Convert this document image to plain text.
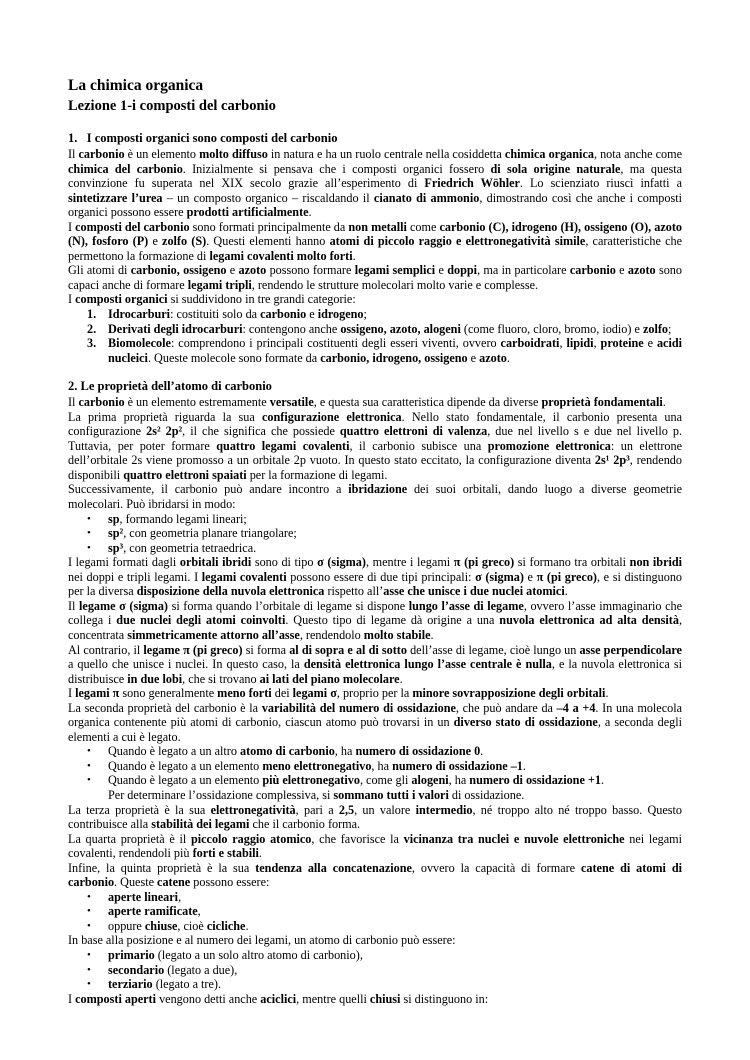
La chimica organica
Lezione 1-i composti del carbonio
1.   I composti organici sono composti del carbonio
Il carbonio è un elemento molto diffuso in natura e ha un ruolo centrale nella cosiddetta chimica organica, nota anche come chimica del carbonio. Inizialmente si pensava che i composti organici fossero di sola origine naturale, ma questa convinzione fu superata nel XIX secolo grazie all’esperimento di Friedrich Wöhler. Lo scienziato riuscì infatti a sintetizzare l’urea – un composto organico – riscaldando il cianato di ammonio, dimostrando così che anche i composti organici possono essere prodotti artificialmente.
I composti del carbonio sono formati principalmente da non metalli come carbonio (C), idrogeno (H), ossigeno (O), azoto (N), fosforo (P) e zolfo (S). Questi elementi hanno atomi di piccolo raggio e elettronegatività simile, caratteristiche che permettono la formazione di legami covalenti molto forti.
Gli atomi di carbonio, ossigeno e azoto possono formare legami semplici e doppi, ma in particolare carbonio e azoto sono capaci anche di formare legami tripli, rendendo le strutture molecolari molto varie e complesse.
I composti organici si suddividono in tre grandi categorie:
1. Idrocarburi: costituiti solo da carbonio e idrogeno;
2. Derivati degli idrocarburi: contengono anche ossigeno, azoto, alogeni (come fluoro, cloro, bromo, iodio) e zolfo;
3. Biomolecole: comprendono i principali costituenti degli esseri viventi, ovvero carboidrati, lipidi, proteine e acidi nucleici. Queste molecole sono formate da carbonio, idrogeno, ossigeno e azoto.
2. Le proprietà dell’atomo di carbonio
Il carbonio è un elemento estremamente versatile, e questa sua caratteristica dipende da diverse proprietà fondamentali.
La prima proprietà riguarda la sua configurazione elettronica. Nello stato fondamentale, il carbonio presenta una configurazione 2s² 2p², il che significa che possiede quattro elettroni di valenza, due nel livello s e due nel livello p. Tuttavia, per poter formare quattro legami covalenti, il carbonio subisce una promozione elettronica: un elettrone dell’orbitale 2s viene promosso a un orbitale 2p vuoto. In questo stato eccitato, la configurazione diventa 2s¹ 2p³, rendendo disponibili quattro elettroni spaiati per la formazione di legami.
Successivamente, il carbonio può andare incontro a ibridazione dei suoi orbitali, dando luogo a diverse geometrie molecolari. Può ibridarsi in modo:
• sp, formando legami lineari;
• sp², con geometria planare triangolare;
• sp³, con geometria tetraedrica.
I legami formati dagli orbitali ibridi sono di tipo σ (sigma), mentre i legami π (pi greco) si formano tra orbitali non ibridi nei doppi e tripli legami. I legami covalenti possono essere di due tipi principali: σ (sigma) e π (pi greco), e si distinguono per la diversa disposizione della nuvola elettronica rispetto all’asse che unisce i due nuclei atomici.
Il legame σ (sigma) si forma quando l’orbitale di legame si dispone lungo l’asse di legame, ovvero l’asse immaginario che collega i due nuclei degli atomi coinvolti. Questo tipo di legame dà origine a una nuvola elettronica ad alta densità, concentrata simmetricamente attorno all’asse, rendendolo molto stabile.
Al contrario, il legame π (pi greco) si forma al di sopra e al di sotto dell’asse di legame, cioè lungo un asse perpendicolare a quello che unisce i nuclei. In questo caso, la densità elettronica lungo l’asse centrale è nulla, e la nuvola elettronica si distribuisce in due lobi, che si trovano ai lati del piano molecolare.
I legami π sono generalmente meno forti dei legami σ, proprio per la minore sovrapposizione degli orbitali.
La seconda proprietà del carbonio è la variabilità del numero di ossidazione, che può andare da –4 a +4. In una molecola organica contenente più atomi di carbonio, ciascun atomo può trovarsi in un diverso stato di ossidazione, a seconda degli elementi a cui è legato.
• Quando è legato a un altro atomo di carbonio, ha numero di ossidazione 0.
• Quando è legato a un elemento meno elettronegativo, ha numero di ossidazione –1.
• Quando è legato a un elemento più elettronegativo, come gli alogeni, ha numero di ossidazione +1.
Per determinare l’ossidazione complessiva, si sommano tutti i valori di ossidazione.
La terza proprietà è la sua elettronegatività, pari a 2,5, un valore intermedio, né troppo alto né troppo basso. Questo contribuisce alla stabilità dei legami che il carbonio forma.
La quarta proprietà è il piccolo raggio atomico, che favorisce la vicinanza tra nuclei e nuvole elettroniche nei legami covalenti, rendendoli più forti e stabili.
Infine, la quinta proprietà è la sua tendenza alla concatenazione, ovvero la capacità di formare catene di atomi di carbonio. Queste catene possono essere:
• aperte lineari,
• aperte ramificate,
• oppure chiuse, cioè cicliche.
In base alla posizione e al numero dei legami, un atomo di carbonio può essere:
• primario (legato a un solo altro atomo di carbonio),
• secondario (legato a due),
• terziario (legato a tre).
I composti aperti vengono detti anche aciclici, mentre quelli chiusi si distinguono in:
